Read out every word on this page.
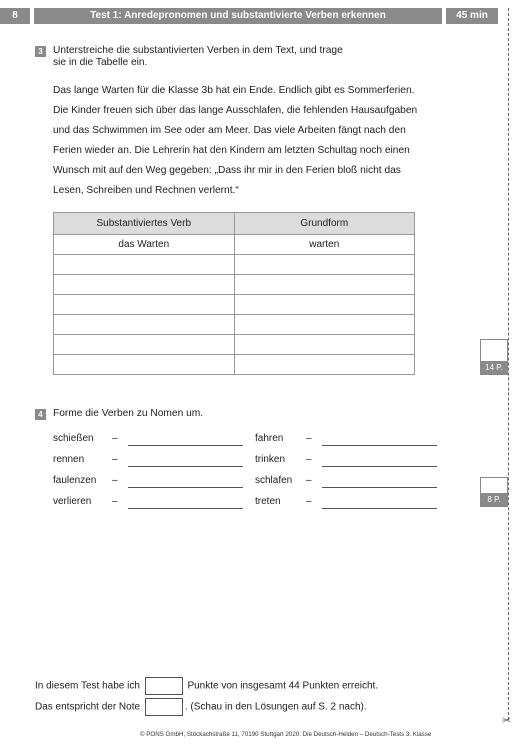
8	Test 1: Anredepronomen und substantivierte Verben erkennen	45 min
✂
3	Unterstreiche die substantivierten Verben in dem Text, und trage
sie in die Tabelle ein.
Das lange Warten für die Klasse 3b hat ein Ende. Endlich gibt es Sommerferien.
Die Kinder freuen sich über das lange Ausschlafen, die fehlenden Hausaufgaben
und das Schwimmen im See oder am Meer. Das viele Arbeiten fängt nach den
Ferien wieder an. Die Lehrerin hat den Kindern am letzten Schultag noch einen
Wunsch mit auf den Weg gegeben: „Dass ihr mir in den Ferien bloß nicht das
Lesen, Schreiben und Rechnen verlernt.“
Substantiviertes Verb	Grundform
das Warten	warten

14 P.
4	Forme die Verben zu Nomen um.
schießen –	fahren –
rennen	–	trinken –
faulenzen –	schlafen –
verlieren –	treten	–	8 P.
In diesem Test habe ich	Punkte von insgesamt 44 Punkten erreicht.
Das entspricht der Note	. (Schau in den Lösungen auf S. 2 nach).
© PONS GmbH, Stöckachstraße 11, 70190 Stuttgart 2020. Die Deutsch-Helden – Deutsch-Tests 3. Klasse
